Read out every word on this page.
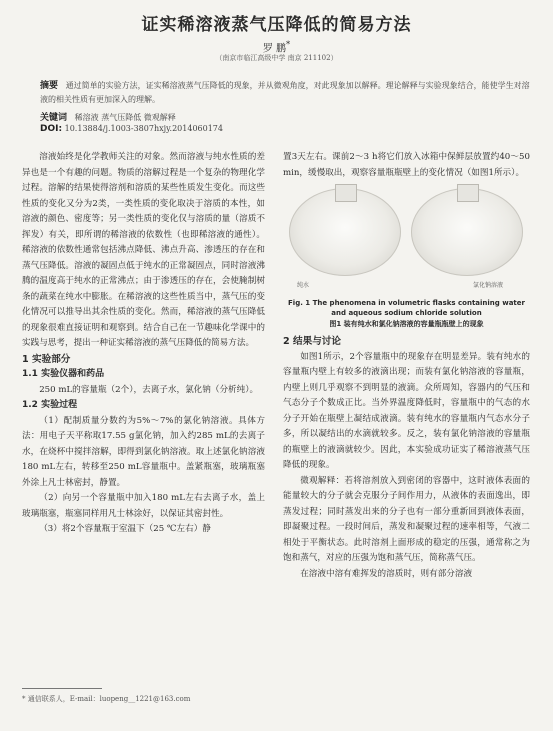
证实稀溶液蒸气压降低的简易方法
罗 鹏*
（南京市临江高级中学 南京 211102）
摘要 通过简单的实验方法，证实稀溶液蒸气压降低的现象，并从微观角度，对此现象加以解释。理论解释与实验现象结合，能使学生对溶液的相关性质有更加深入的理解。
关键词 稀溶液 蒸气压降低 微观解释
DOI: 10.13884/j.1003-3807hxjy.2014060174

溶液始终是化学教师关注的对象。然而溶液与纯水性质的差异也是一个有趣的问题。物质的溶解过程是一个复杂的物理化学过程。溶解的结果使得溶剂和溶质的某些性质发生变化。而这些性质的变化又分为2类，一类性质的变化取决于溶质的本性，如溶液的颜色、密度等；另一类性质的变化仅与溶质的量（溶质不挥发）有关，即所谓的稀溶液的依数性（也即稀溶液的通性）。稀溶液的依数性通常包括沸点降低、沸点升高、渗透压的存在和蒸气压降低。溶液的凝固点低于纯水的正常凝固点，同时溶液沸腾的温度高于纯水的正常沸点；由于渗透压的存在，会使腌制树条的蔬菜在纯水中膨胀。在稀溶液的这些性质当中，蒸气压的变化情况可以推导出其余性质的变化。然而，稀溶液的蒸气压降低的现象很难直接证明和观察到。结合自己在一节趣味化学课中的实践与思考，提出一种证实稀溶液的蒸气压降低的简易方法。

1 实验部分

1.1 实验仪器和药品

250 mL的容量瓶（2个），去离子水，氯化钠（分析纯）。

1.2 实验过程

（1）配制质量分数约为5%～7%的氯化钠溶液。具体方法：用电子天平称取17.55 g氯化钠，加入约285 mL的去离子水，在烧杯中搅拌溶解，即得到氯化钠溶液。取上述氯化钠溶液180 mL左右，转移至250 mL容量瓶中。盖紧瓶塞，玻璃瓶塞外涂上凡士林密封，静置。

（2）向另一个容量瓶中加入180 mL左右去离子水，盖上玻璃瓶塞，瓶塞同样用凡士林涂好，以保证其密封性。

（3）将2个容量瓶于室温下（25 ℃左右）静

置3天左右。课前2～3 h将它们放入冰箱中保鲜层放置约40～50 min，缓慢取出，观察容量瓶瓶壁上的变化情况（如图1所示）。

纯水	氯化钠溶液
Fig. 1 The phenomena in volumetric flasks containing water and aqueous sodium chloride solution
图1 装有纯水和氯化钠溶液的容量瓶瓶壁上的现象

2 结果与讨论

如图1所示，2个容量瓶中的现象存在明显差异。装有纯水的容量瓶内壁上有较多的液滴出现；而装有氯化钠溶液的容量瓶，内壁上则几乎观察不到明显的液滴。众所周知，容器内的气压和气态分子个数成正比。当外界温度降低时，容量瓶中的气态的水分子开始在瓶壁上凝结成液滴。装有纯水的容量瓶内气态水分子多，所以凝结出的水滴就较多。反之，装有氯化钠溶液的容量瓶的瓶壁上的液滴就较少。因此，本实验成功证实了稀溶液蒸气压降低的现象。

微观解释：若将溶剂放入到密闭的容器中，这时液体表面的能量较大的分子就会克服分子间作用力，从液体的表面逸出，即蒸发过程；同时蒸发出来的分子也有一部分重新回到液体表面，即凝聚过程。一段时间后，蒸发和凝聚过程的速率相等，气液二相处于平衡状态。此时溶剂上面形成的稳定的压强，通常称之为饱和蒸气，对应的压强为饱和蒸气压，简称蒸气压。

在溶液中溶有难挥发的溶质时，则有部分溶液

* 通信联系人，E-mail：luopeng__1221@163.com
